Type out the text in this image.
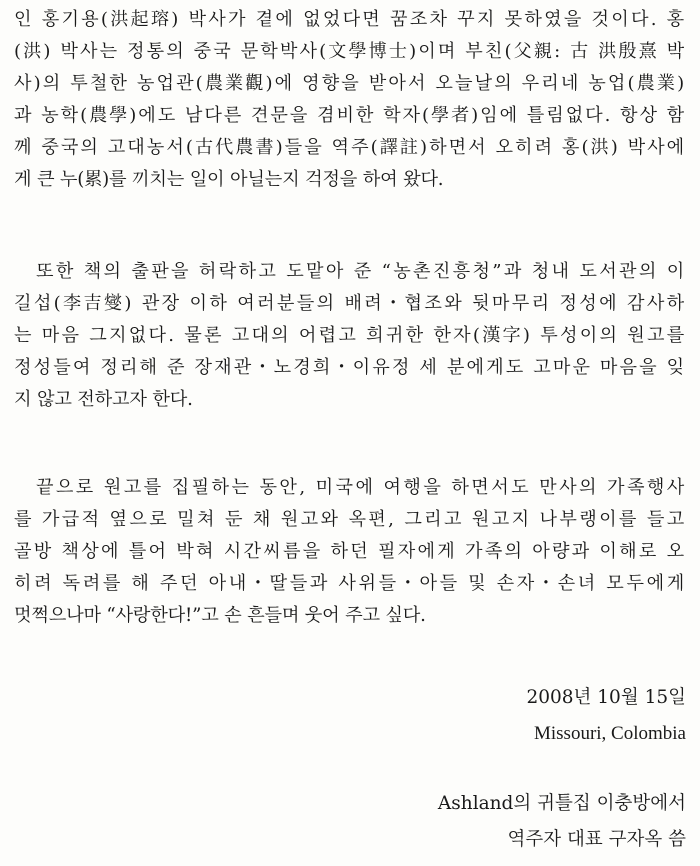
인 홍기용(洪起瑢) 박사가 곁에 없었다면 꿈조차 꾸지 못하였을 것이다. 홍
(洪) 박사는 정통의 중국 문학박사(文學博士)이며 부친(父親: 古 洪殷熹 박
사)의 투철한 농업관(農業觀)에 영향을 받아서 오늘날의 우리네 농업(農業)
과 농학(農學)에도 남다른 견문을 겸비한 학자(學者)임에 틀림없다. 항상 함
께 중국의 고대농서(古代農書)들을 역주(譯註)하면서 오히려 홍(洪) 박사에
게 큰 누(累)를 끼치는 일이 아닐는지 걱정을 하여 왔다.
또한 책의 출판을 허락하고 도맡아 준 “농촌진흥청”과 청내 도서관의 이
길섭(李吉燮) 관장 이하 여러분들의 배려・협조와 뒷마무리 정성에 감사하
는 마음 그지없다. 물론 고대의 어렵고 희귀한 한자(漢字) 투성이의 원고를
정성들여 정리해 준 장재관・노경희・이유정 세 분에게도 고마운 마음을 잊
지 않고 전하고자 한다.
끝으로 원고를 집필하는 동안, 미국에 여행을 하면서도 만사의 가족행사
를 가급적 옆으로 밀쳐 둔 채 원고와 옥편, 그리고 원고지 나부랭이를 들고
골방 책상에 틀어 박혀 시간씨름을 하던 필자에게 가족의 아량과 이해로 오
히려 독려를 해 주던 아내・딸들과 사위들・아들 및 손자・손녀 모두에게
멋쩍으나마 “사랑한다!”고 손 흔들며 웃어 주고 싶다.
2008년 10월 15일
Missouri, Colombia
Ashland의 귀틀집 이충방에서
역주자 대표 구자옥 씀
